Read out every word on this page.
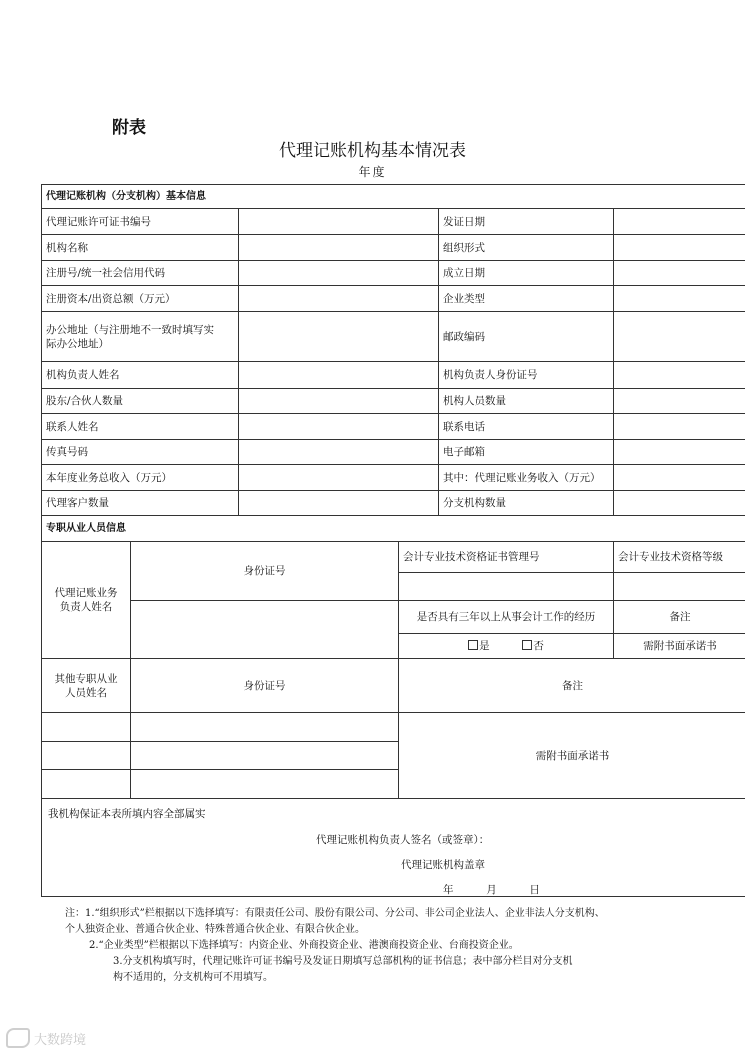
附表
代理记账机构基本情况表
年度
代理记账机构（分支机构）基本信息					
代理记账许可证书编号				发证日期	
机构名称				组织形式	
注册号/统一社会信用代码				成立日期	
注册资本/出资总额（万元）				企业类型	

办公地址（与注册地不一致时填写实
际办公地址）				邮政编码	
机构负责人姓名				机构负责人身份证号	
股东/合伙人数量				机构人员数量	
联系人姓名				联系电话	
传真号码				电子邮箱	
本年度业务总收入（万元）				其中：代理记账业务收入（万元）	
代理客户数量				分支机构数量	
专职从业人员信息					

代理记账业务
负责人姓名	身份证号		会计专业技术资格证书管理号		会计专业技术资格等级

			是否具有三年以上从事会计工作的经历		备注
			是 否		需附书面承诺书

其他专职从业
人员姓名	身份证号		备注		
			需附书面承诺书		

我机构保证本表所填内容全部属实
代理记账机构负责人签名（或签章）：
代理记账机构盖章
年 月 日					
注：1.“组织形式”栏根据以下选择填写：有限责任公司、股份有限公司、分公司、非公司企业法人、企业非法人分支机构、
个人独资企业、普通合伙企业、特殊普通合伙企业、有限合伙企业。
2.“企业类型”栏根据以下选择填写：内资企业、外商投资企业、港澳商投资企业、台商投资企业。
3.分支机构填写时，代理记账许可证书编号及发证日期填写总部机构的证书信息；表中部分栏目对分支机
构不适用的，分支机构可不用填写。
大数跨境
